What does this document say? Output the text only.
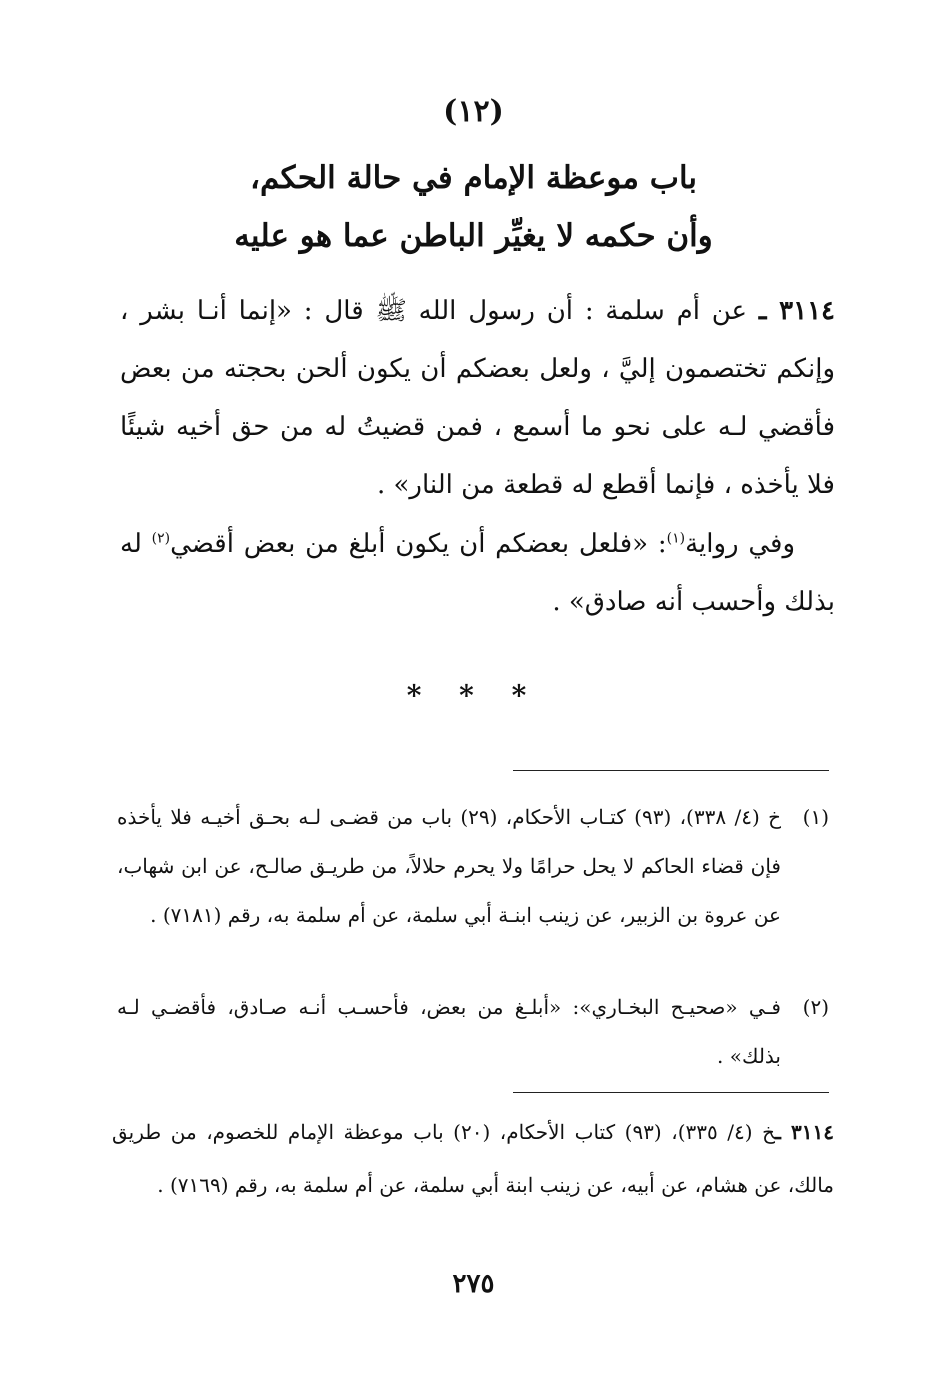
(١٢)
باب موعظة الإمام في حالة الحكم،
وأن حكمه لا يغيِّر الباطن عما هو عليه
٣١١٤ ـ عن أم سلمة : أن رسول الله ﷺ قال : «إنما أنـا بشر ، وإنكم تختصمون إليَّ ، ولعل بعضكم أن يكون ألحن بحجته من بعض فأقضي لـه على نحو ما أسمع ، فمن قضيتُ له من حق أخيه شيئًا فلا يأخذه ، فإنما أقطع له قطعة من النار» .
وفي رواية$^{(١)}$: «فلعل بعضكم أن يكون أبلغ من بعض أقضي$^{(٢)}$ له بذلك وأحسب أنه صادق» .
* * *
(١)
خ (٤/ ٣٣٨)، (٩٣) كتـاب الأحكام، (٢٩) باب من قضـى لـه بحـق أخيـه فلا يأخذه فإن قضاء الحاكم لا يحل حرامًا ولا يحرم حلالاً، من طريـق صالـح، عن ابن شهاب، عن عروة بن الزبير، عن زينب ابنـة أبي سلمة، عن أم سلمة به، رقم (٧١٨١) .
(٢)
فـي «صحيـح البخـاري»: «أبلـغ من بعض، فأحسـب أنـه صـادق، فأقضـي لـه بذلك» .
٣١١٤ ـخ (٤/ ٣٣٥)، (٩٣) كتاب الأحكام، (٢٠) باب موعظة الإمام للخصوم، من طريق مالك، عن هشام، عن أبيه، عن زينب ابنة أبي سلمة، عن أم سلمة به، رقم (٧١٦٩) .
٢٧٥
